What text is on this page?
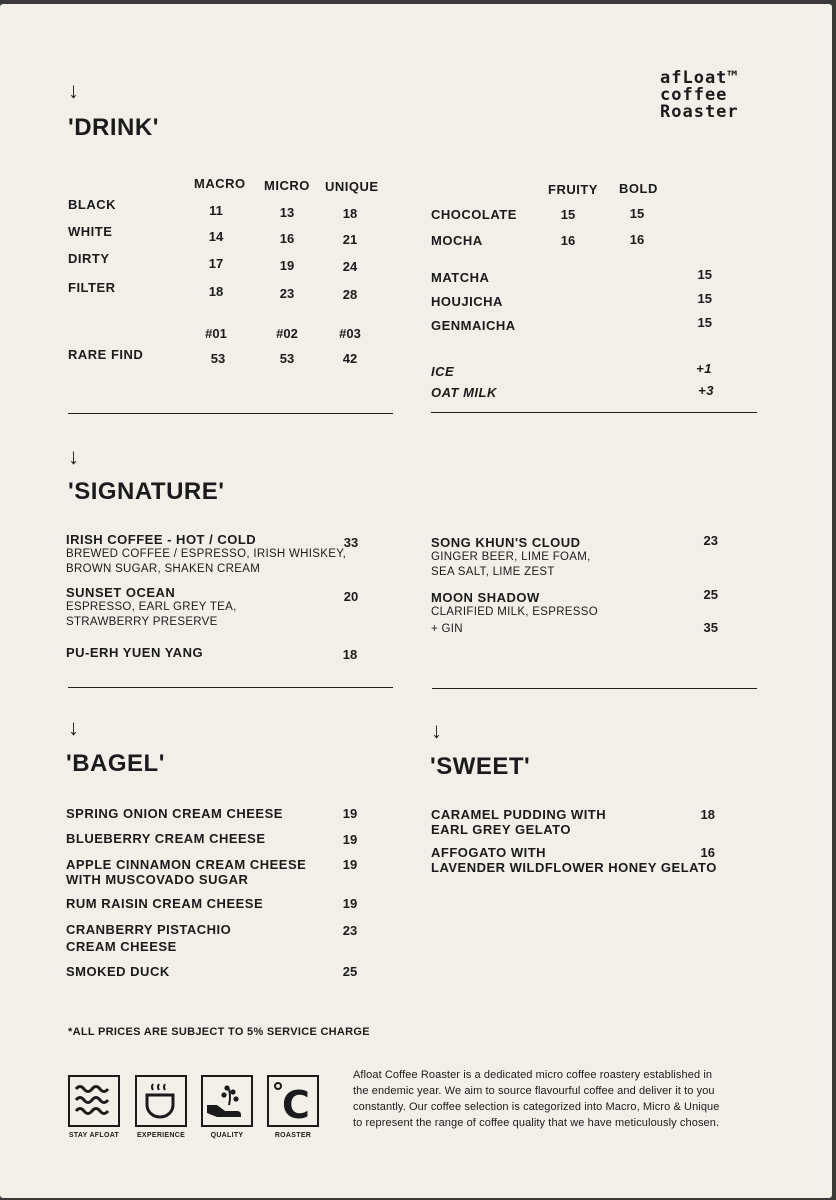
afLoat™
coffee
Roaster
↓
'DRINK'
MACRO MICRO UNIQUE
BLACK	11	13	18
WHITE	14	16	21
DIRTY	17	19	24
FILTER	18	23	28
#01	#02	#03
RARE FIND	53	53	42
FRUITY BOLD
CHOCOLATE	15	15
MOCHA	16	16
MATCHA	15
HOUJICHA	15
GENMAICHA	15
ICE	+1
OAT MILK	+3
↓
'SIGNATURE'
IRISH COFFEE - HOT / COLD
BREWED COFFEE / ESPRESSO, IRISH WHISKEY,
BROWN SUGAR, SHAKEN CREAM
33
SUNSET OCEAN
ESPRESSO, EARL GREY TEA,
STRAWBERRY PRESERVE
20
PU-ERH YUEN YANG	18
SONG KHUN'S CLOUD
GINGER BEER, LIME FOAM,
SEA SALT, LIME ZEST
23
MOON SHADOW
CLARIFIED MILK, ESPRESSO
25
+ GIN	35
↓
'BAGEL'
SPRING ONION CREAM CHEESE	19
BLUEBERRY CREAM CHEESE	19
APPLE CINNAMON CREAM CHEESE
WITH MUSCOVADO SUGAR
19
RUM RAISIN CREAM CHEESE	19
CRANBERRY PISTACHIO
CREAM CHEESE
23
SMOKED DUCK	25
↓
'SWEET'
CARAMEL PUDDING WITH
EARL GREY GELATO
18
AFFOGATO WITH
LAVENDER WILDFLOWER HONEY GELATO
16
*ALL PRICES ARE SUBJECT TO 5% SERVICE CHARGE
STAY AFLOAT	EXPERIENCE	QUALITY
C
ROASTER
Afloat Coffee Roaster is a dedicated micro coffee roastery established in
the endemic year. We aim to source flavourful coffee and deliver it to you
constantly. Our coffee selection is categorized into Macro, Micro & Unique
to represent the range of coffee quality that we have meticulously chosen.
